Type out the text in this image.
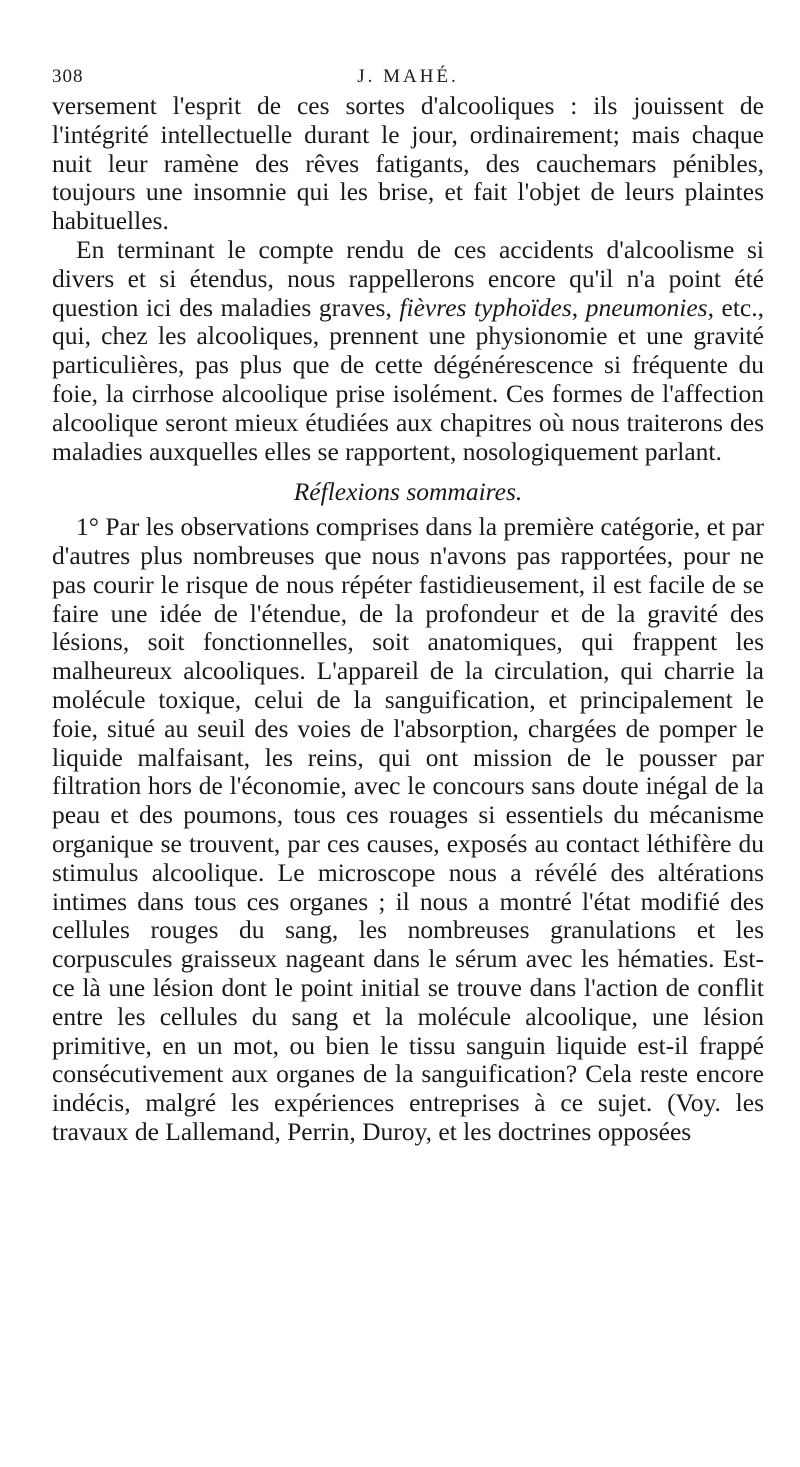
308	J. MAHÉ.

versement l'esprit de ces sortes d'alcooliques : ils jouissent de l'intégrité intellectuelle durant le jour, ordinairement; mais chaque nuit leur ramène des rêves fatigants, des cauchemars pénibles, toujours une insomnie qui les brise, et fait l'objet de leurs plaintes habituelles.

En terminant le compte rendu de ces accidents d'alcoolisme si divers et si étendus, nous rappellerons encore qu'il n'a point été question ici des maladies graves, fièvres typhoïdes, pneumonies, etc., qui, chez les alcooliques, prennent une physionomie et une gravité particulières, pas plus que de cette dégénérescence si fréquente du foie, la cirrhose alcoolique prise isolément. Ces formes de l'affection alcoolique seront mieux étudiées aux chapitres où nous traiterons des maladies auxquelles elles se rapportent, nosologiquement parlant.

Réflexions sommaires.

1° Par les observations comprises dans la première catégorie, et par d'autres plus nombreuses que nous n'avons pas rapportées, pour ne pas courir le risque de nous répéter fastidieusement, il est facile de se faire une idée de l'étendue, de la profondeur et de la gravité des lésions, soit fonctionnelles, soit anatomiques, qui frappent les malheureux alcooliques. L'appareil de la circulation, qui charrie la molécule toxique, celui de la sanguification, et principalement le foie, situé au seuil des voies de l'absorption, chargées de pomper le liquide malfaisant, les reins, qui ont mission de le pousser par filtration hors de l'économie, avec le concours sans doute inégal de la peau et des poumons, tous ces rouages si essentiels du mécanisme organique se trouvent, par ces causes, exposés au contact léthifère du stimulus alcoolique. Le microscope nous a révélé des altérations intimes dans tous ces organes ; il nous a montré l'état modifié des cellules rouges du sang, les nombreuses granulations et les corpuscules graisseux nageant dans le sérum avec les hématies. Est-ce là une lésion dont le point initial se trouve dans l'action de conflit entre les cellules du sang et la molécule alcoolique, une lésion primitive, en un mot, ou bien le tissu sanguin liquide est-il frappé consécutivement aux organes de la sanguification? Cela reste encore indécis, malgré les expériences entreprises à ce sujet. (Voy. les travaux de Lallemand, Perrin, Duroy, et les doctrines opposées
